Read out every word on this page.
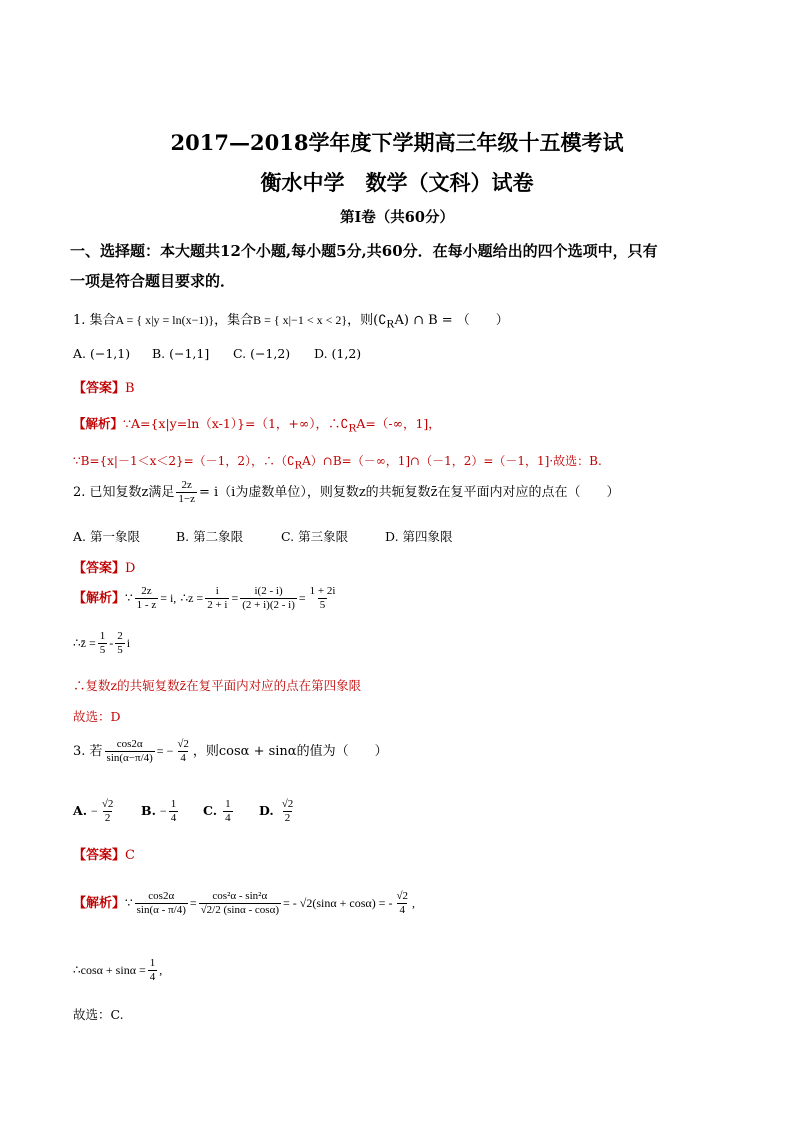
2017—2018学年度下学期高三年级十五模考试
衡水中学　数学（文科）试卷
第Ⅰ卷（共60分）
一、选择题：本大题共12个小题,每小题5分,共60分．在每小题给出的四个选项中，只有
一项是符合题目要求的．
1. 集合A = { x|y = ln(x−1)}，集合B = { x|−1 < x < 2}，则$(∁_RA)$ ∩ B = （　　）
A. (−1,1) B. (−1,1] C. (−1,2) D. (1,2)
【答案】B
【解析】∵A={x|y=ln（x-1）}=（1，+∞），$\therefore∁_RA=(-\infty$，1]，
∵B={x|－1＜x＜2}=（－1，2），$\therefore(∁_RA)\cap B=(-\infty$，1]∩（－1，2）=（－1，1]·故选：B.
2. 已知复数z满足 $\frac{2z}{1-z} = i(i$为虚数单位），则复数z的共轭复数z̄在复平面内对应的点在（　　）
A. 第一象限	B. 第二象限	C. 第三象限	D. 第四象限
【答案】D
【解析】∵ $\frac{2z}{1 - z} = i$, ∴z = $\frac{i}{2 + i} = \frac{i(2 - i)}{(2 + i)(2 - i)} = \frac{1 + 2i}{5}$
∴z̄ = $\frac{1}{5} - \frac{2}{5}$ i
∴复数z的共轭复数z̄在复平面内对应的点在第四象限
故选：D
3. 若 $\frac{\cos 2\alpha}{\sin(\alpha-\pi/4)}$ = − $\frac{√2}{4}$ ，则cosα + sinα的值为（　　）
A. − $\frac{√2}{2} B$. − $\frac{1}{4} C$. $\frac{1}{4} D$. $\frac{√2}{2}$
【答案】C
【解析】∵ $\frac{\cos 2\alpha}{\sin(\alpha - \pi/4)} = \frac{\text{cos²α - sin²α}}{√2/2 (\sin\alpha - \cos\alpha)}$ = - √2(sinα + cosα) = - $\frac{√2}{4}$ ,
∴cosα + $\sin\alpha = \frac{1}{4}$ ,
故选：C.
